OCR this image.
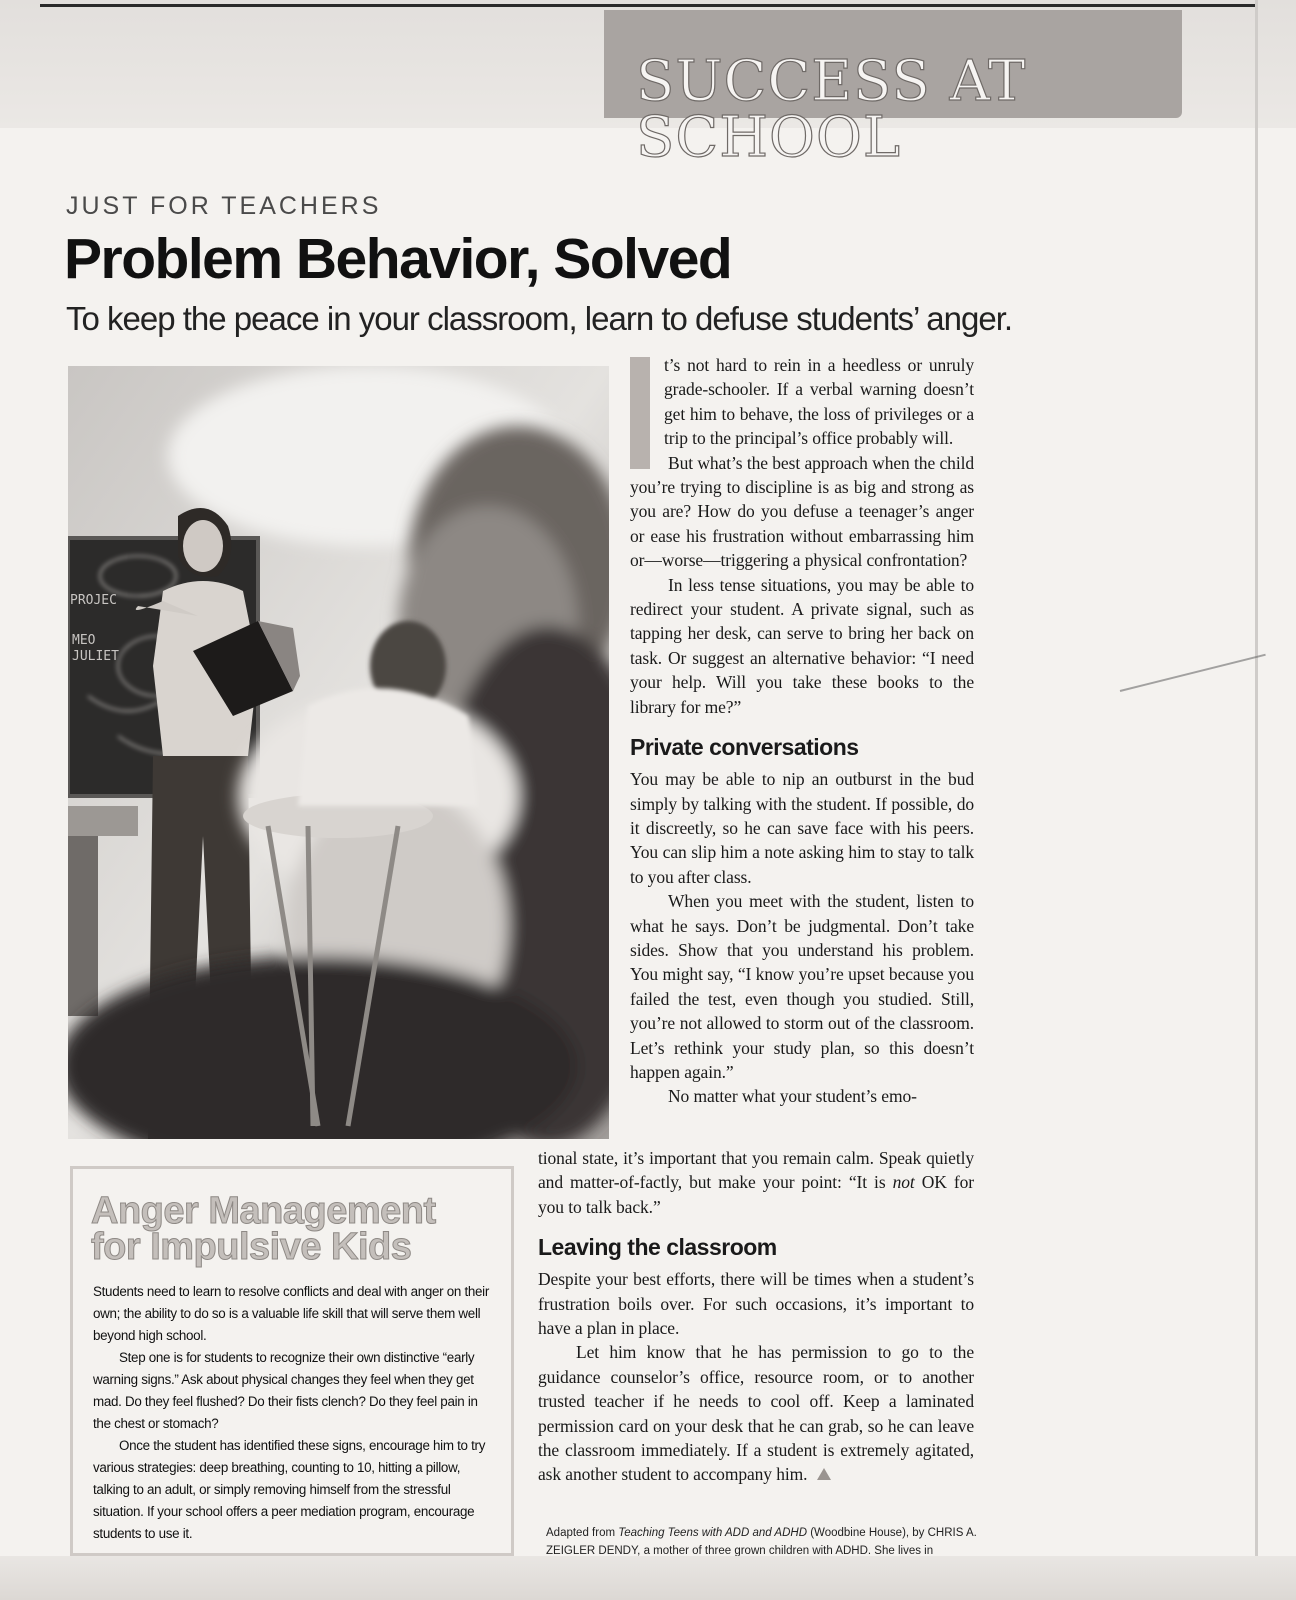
SUCCESS AT SCHOOL
JUST FOR TEACHERS
Problem Behavior, Solved
To keep the peace in your classroom, learn to defuse students’ anger.
PROJEC
MEO
JULIET

t’s not hard to rein in a heedless or unruly grade-schooler. If a verbal warning doesn’t get him to behave, the loss of privileges or a trip to the principal’s office probably will.

But what’s the best approach when the child you’re trying to discipline is as big and strong as you are? How do you defuse a teenager’s anger or ease his frustration without embarrassing him or—worse—triggering a physical confrontation?

In less tense situations, you may be able to redirect your student. A private signal, such as tapping her desk, can serve to bring her back on task. Or suggest an alternative behavior: “I need your help. Will you take these books to the library for me?”

Private conversations

You may be able to nip an outburst in the bud simply by talking with the student. If possible, do it discreetly, so he can save face with his peers. You can slip him a note asking him to stay to talk to you after class.

When you meet with the student, listen to what he says. Don’t be judgmental. Don’t take sides. Show that you understand his problem. You might say, “I know you’re upset because you failed the test, even though you studied. Still, you’re not allowed to storm out of the classroom. Let’s rethink your study plan, so this doesn’t happen again.”

No matter what your student’s emo-

tional state, it’s important that you remain calm. Speak quietly and matter-of-factly, but make your point: “It is not OK for you to talk back.”

Leaving the classroom

Despite your best efforts, there will be times when a student’s frustration boils over. For such occasions, it’s important to have a plan in place.

Let him know that he has permission to go to the guidance counselor’s office, resource room, or to another trusted teacher if he needs to cool off. Keep a laminated permission card on your desk that he can grab, so he can leave the classroom immediately. If a student is extremely agitated, ask another student to accompany him.

Anger Management
for Impulsive Kids

Students need to learn to resolve conflicts and deal with anger on their own; the ability to do so is a valuable life skill that will serve them well beyond high school.

Step one is for students to recognize their own distinctive “early warning signs.” Ask about physical changes they feel when they get mad. Do they feel flushed? Do their fists clench? Do they feel pain in the chest or stomach?

Once the student has identified these signs, encourage him to try various strategies: deep breathing, counting to 10, hitting a pillow, talking to an adult, or simply removing himself from the stressful situation. If your school offers a peer mediation program, encourage students to use it.	Adapted from Teaching Teens with ADD and ADHD (Woodbine House), by CHRIS A. ZEIGLER DENDY, a mother of three grown children with ADHD. She lives in
